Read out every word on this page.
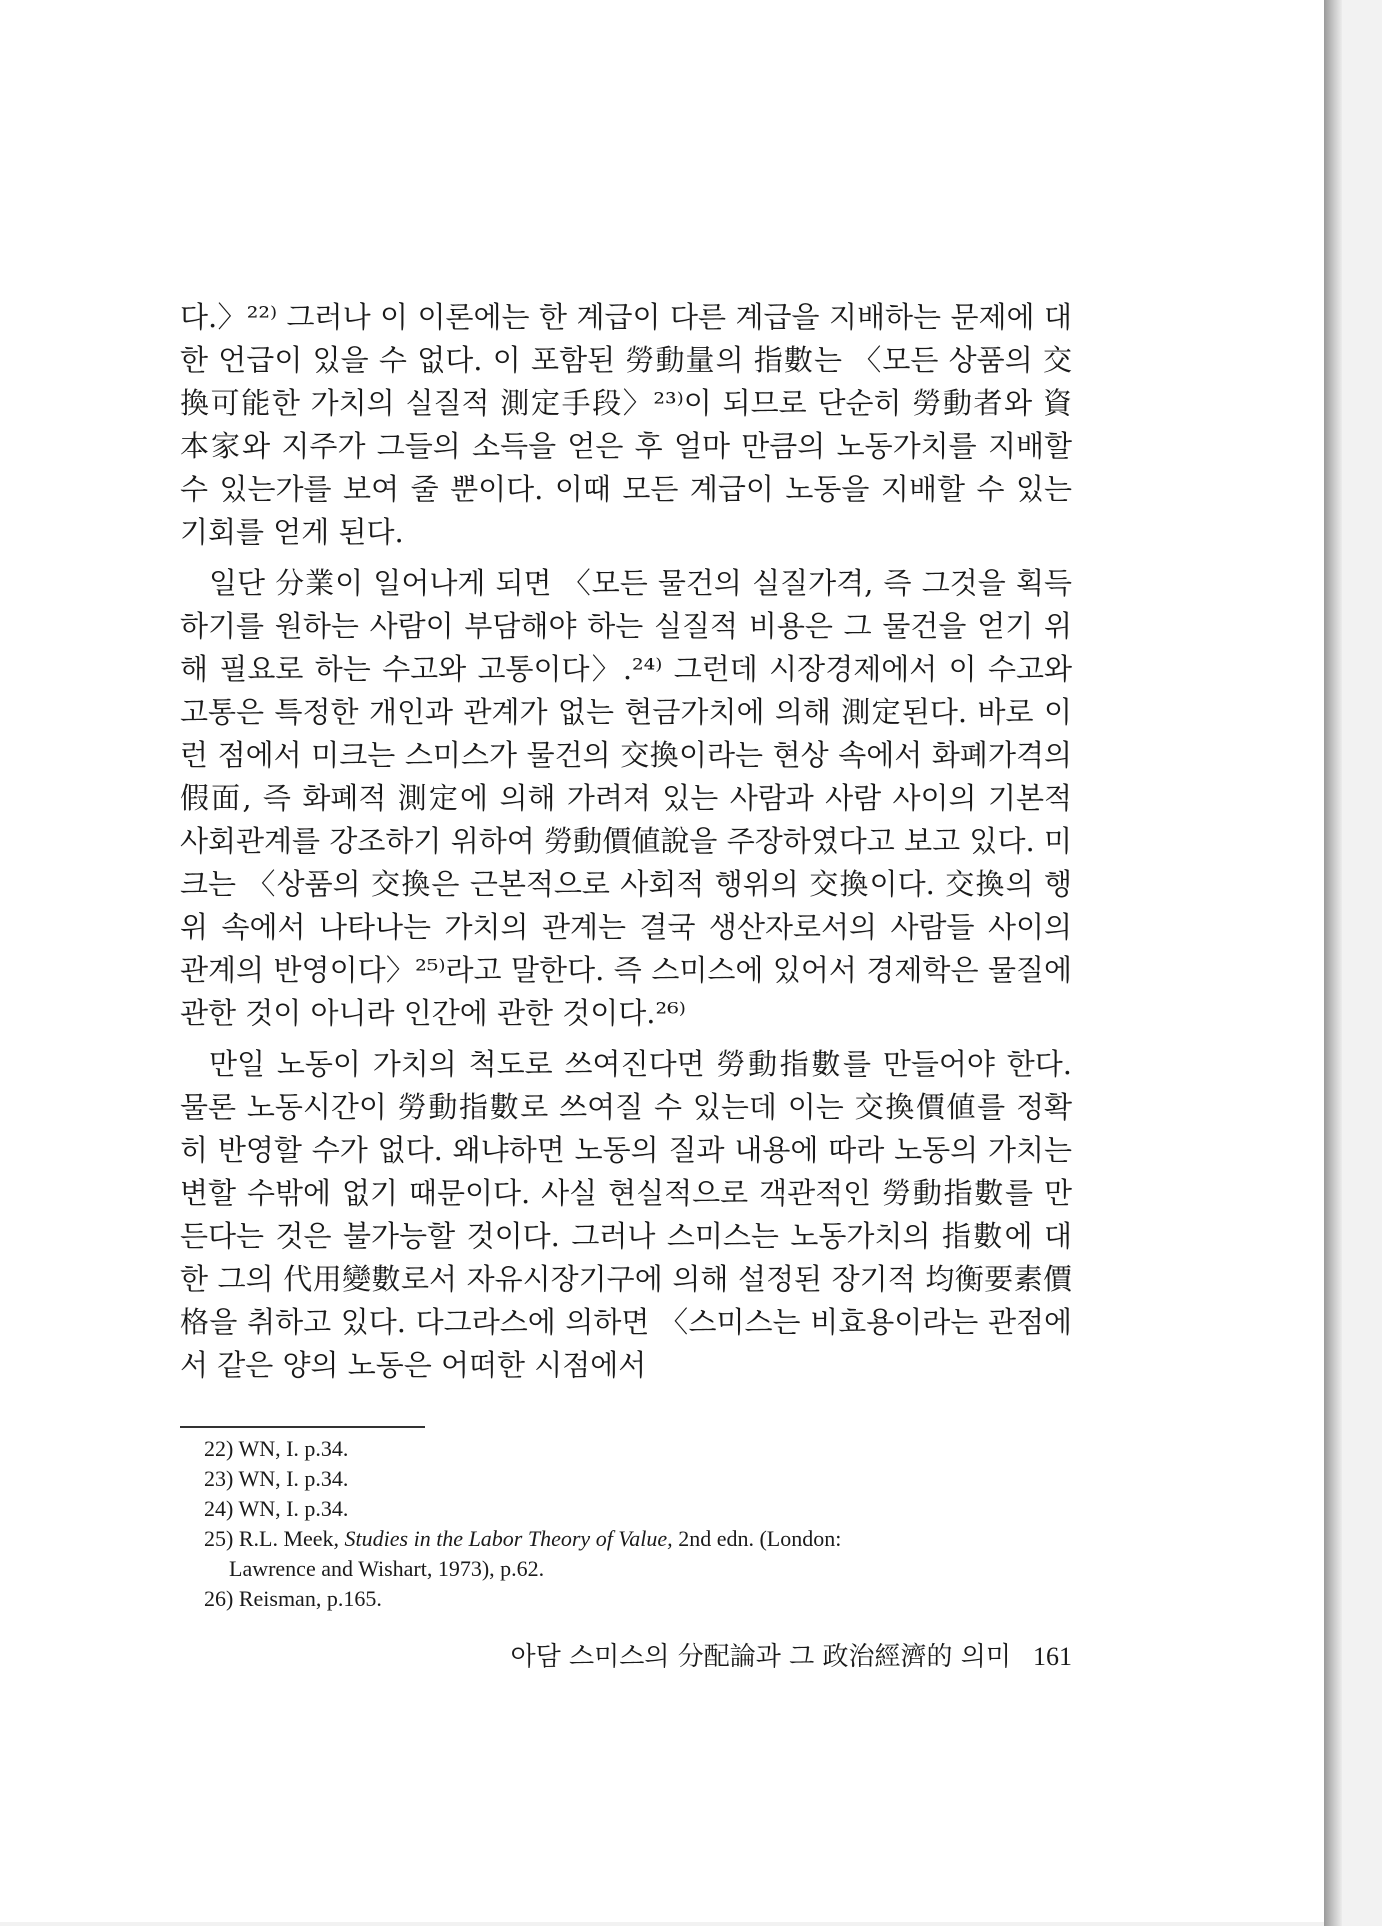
다.〉²²⁾ 그러나 이 이론에는 한 계급이 다른 계급을 지배하는 문제에 대한 언급이 있을 수 없다. 이 포함된 勞動量의 指數는 〈모든 상품의 交換可能한 가치의 실질적 測定手段〉²³⁾이 되므로 단순히 勞動者와 資本家와 지주가 그들의 소득을 얻은 후 얼마 만큼의 노동가치를 지배할 수 있는가를 보여 줄 뿐이다. 이때 모든 계급이 노동을 지배할 수 있는 기회를 얻게 된다.

일단 分業이 일어나게 되면 〈모든 물건의 실질가격, 즉 그것을 획득하기를 원하는 사람이 부담해야 하는 실질적 비용은 그 물건을 얻기 위해 필요로 하는 수고와 고통이다〉.²⁴⁾ 그런데 시장경제에서 이 수고와 고통은 특정한 개인과 관계가 없는 현금가치에 의해 測定된다. 바로 이런 점에서 미크는 스미스가 물건의 交換이라는 현상 속에서 화폐가격의 假面, 즉 화폐적 測定에 의해 가려져 있는 사람과 사람 사이의 기본적 사회관계를 강조하기 위하여 勞動價値說을 주장하였다고 보고 있다. 미크는 〈상품의 交換은 근본적으로 사회적 행위의 交換이다. 交換의 행위 속에서 나타나는 가치의 관계는 결국 생산자로서의 사람들 사이의 관계의 반영이다〉²⁵⁾라고 말한다. 즉 스미스에 있어서 경제학은 물질에 관한 것이 아니라 인간에 관한 것이다.²⁶⁾

만일 노동이 가치의 척도로 쓰여진다면 勞動指數를 만들어야 한다. 물론 노동시간이 勞動指數로 쓰여질 수 있는데 이는 交換價値를 정확히 반영할 수가 없다. 왜냐하면 노동의 질과 내용에 따라 노동의 가치는 변할 수밖에 없기 때문이다. 사실 현실적으로 객관적인 勞動指數를 만든다는 것은 불가능할 것이다. 그러나 스미스는 노동가치의 指數에 대한 그의 代用變數로서 자유시장기구에 의해 설정된 장기적 均衡要素價格을 취하고 있다. 다그라스에 의하면 〈스미스는 비효용이라는 관점에서 같은 양의 노동은 어떠한 시점에서

22) WN, I. p.34.
23) WN, I. p.34.
24) WN, I. p.34.
25) R.L. Meek, Studies in the Labor Theory of Value, 2nd edn. (London:
Lawrence and Wishart, 1973), p.62.
26) Reisman, p.165.
아담 스미스의 分配論과 그 政治經濟的 의미 161
